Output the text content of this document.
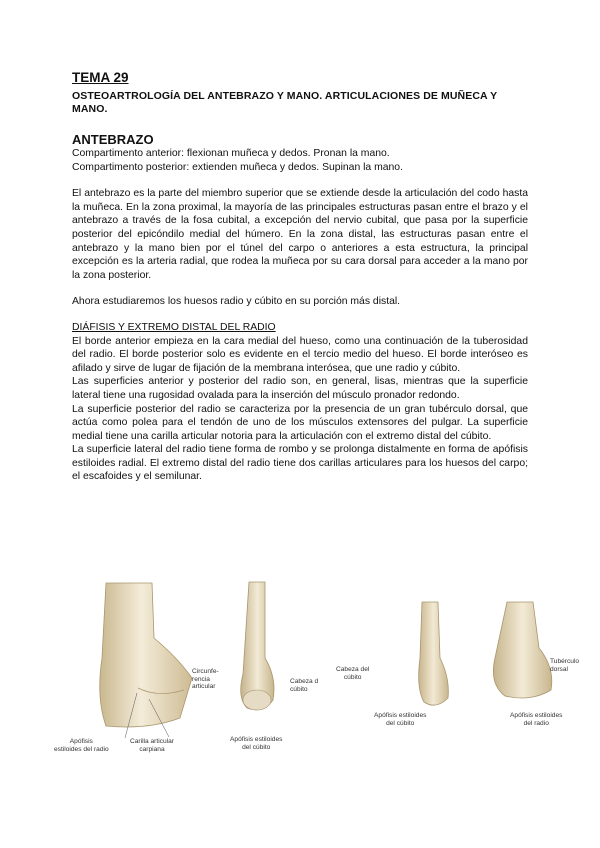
TEMA 29
OSTEOARTROLOGÍA DEL ANTEBRAZO Y MANO. ARTICULACIONES DE MUÑECA Y MANO.
ANTEBRAZO

Compartimento anterior: flexionan muñeca y dedos. Pronan la mano.

Compartimento posterior: extienden muñeca y dedos. Supinan la mano.

El antebrazo es la parte del miembro superior que se extiende desde la articulación del codo hasta la muñeca. En la zona proximal, la mayoría de las principales estructuras pasan entre el brazo y el antebrazo a través de la fosa cubital, a excepción del nervio cubital, que pasa por la superficie posterior del epicóndilo medial del húmero. En la zona distal, las estructuras pasan entre el antebrazo y la mano bien por el túnel del carpo o anteriores a esta estructura, la principal excepción es la arteria radial, que rodea la muñeca por su cara dorsal para acceder a la mano por la zona posterior.

Ahora estudiaremos los huesos radio y cúbito en su porción más distal.

DIÁFISIS Y EXTREMO DISTAL DEL RADIO

El borde anterior empieza en la cara medial del hueso, como una continuación de la tuberosidad del radio. El borde posterior solo es evidente en el tercio medio del hueso. El borde interóseo es afilado y sirve de lugar de fijación de la membrana interósea, que une radio y cúbito.

Las superficies anterior y posterior del radio son, en general, lisas, mientras que la superficie lateral tiene una rugosidad ovalada para la inserción del músculo pronador redondo.

La superficie posterior del radio se caracteriza por la presencia de un gran tubérculo dorsal, que actúa como polea para el tendón de uno de los músculos extensores del pulgar. La superficie medial tiene una carilla articular notoria para la articulación con el extremo distal del cúbito.

La superficie lateral del radio tiene forma de rombo y se prolonga distalmente en forma de apófisis estiloides radial. El extremo distal del radio tiene dos carillas articulares para los huesos del carpo; el escafoides y el semilunar.

Apófisis
estiloides del radio
Carilla articular
carpiana
Circunfe-
rencia
articular
Cabeza d
cúbito
Apófisis estiloides
del cúbito
Cabeza del
cúbito
Apófisis estiloides
del cúbito
Tubérculo
dorsal
Apófisis estiloides
del radio
